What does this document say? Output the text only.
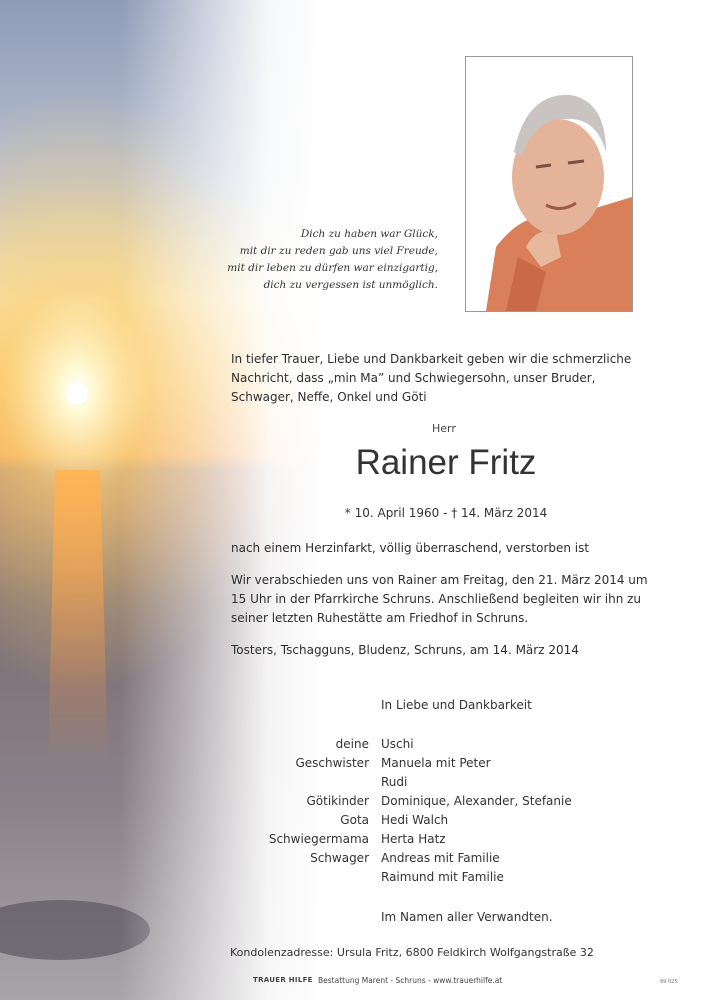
Dich zu haben war Glück,
mit dir zu reden gab uns viel Freude,
mit dir leben zu dürfen war einzigartig,
dich zu vergessen ist unmöglich.
In tiefer Trauer, Liebe und Dankbarkeit geben wir die schmerzliche Nachricht, dass „min Ma” und Schwiegersohn, unser Bruder, Schwager, Neffe, Onkel und Göti
Herr
Rainer Fritz
* 10. April 1960 - † 14. März 2014
nach einem Herzinfarkt, völlig überraschend, verstorben ist
Wir verabschieden uns von Rainer am Freitag, den 21. März 2014 um 15 Uhr in der Pfarrkirche Schruns. Anschließend begleiten wir ihn zu seiner letzten Ruhestätte am Friedhof in Schruns.
Tosters, Tschagguns, Bludenz, Schruns, am 14. März 2014
In Liebe und Dankbarkeit
deine Uschi
Geschwister Manuela mit Peter
Rudi
Götikinder Dominique, Alexander, Stefanie
Gota Hedi Walch
Schwiegermama Herta Hatz
Schwager Andreas mit Familie
Raimund mit Familie
Im Namen aller Verwandten.
Kondolenzadresse: Ursula Fritz, 6800 Feldkirch Wolfgangstraße 32
TRAUER HILFE Bestattung Marent - Schruns - www.trauerhilfe.at	99 025
